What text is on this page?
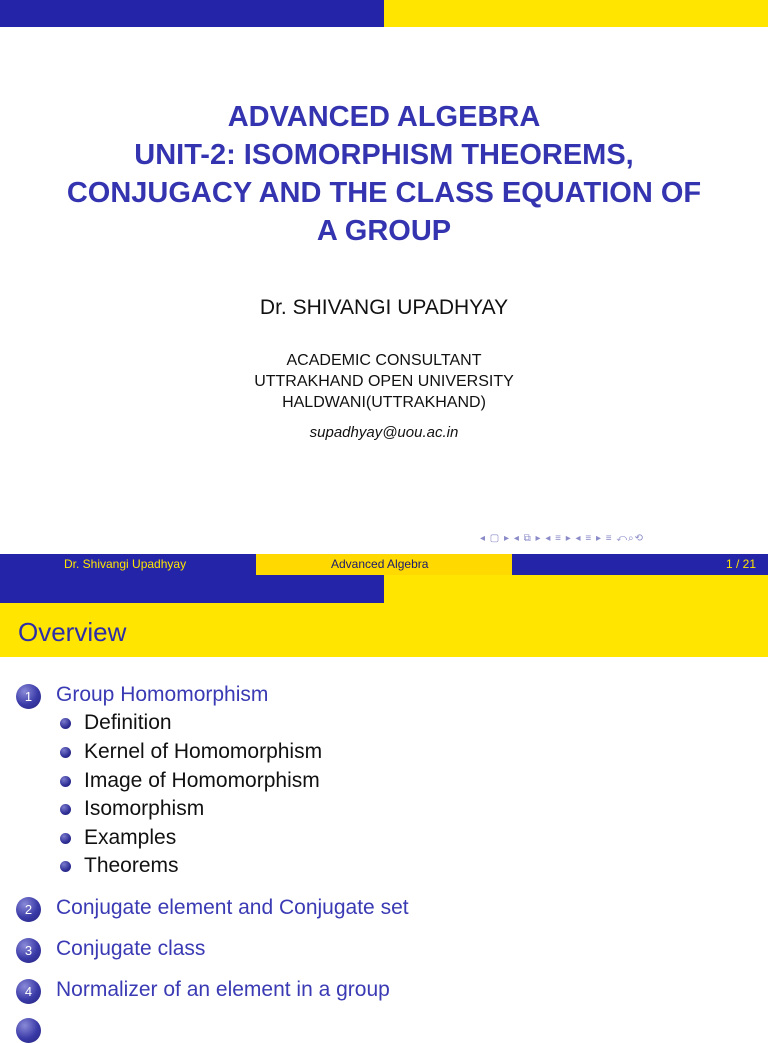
ADVANCED ALGEBRA
UNIT-2: ISOMORPHISM THEOREMS,
CONJUGACY AND THE CLASS EQUATION OF
A GROUP
Dr. SHIVANGI UPADHYAY
ACADEMIC CONSULTANT
UTTRAKHAND OPEN UNIVERSITY
HALDWANI(UTTRAKHAND)
supadhyay@uou.ac.in
◂ ▢ ▸ ◂ ⧉ ▸ ◂ ≡ ▸ ◂ ≡ ▸ ≡ ⤺⌕⟲
Dr. Shivangi Upadhyay	Advanced Algebra	1 / 21
Overview
1	Group Homomorphism
Definition
Kernel of Homomorphism
Image of Homomorphism
Isomorphism
Examples
Theorems
2	Conjugate element and Conjugate set
3	Conjugate class
4	Normalizer of an element in a group
